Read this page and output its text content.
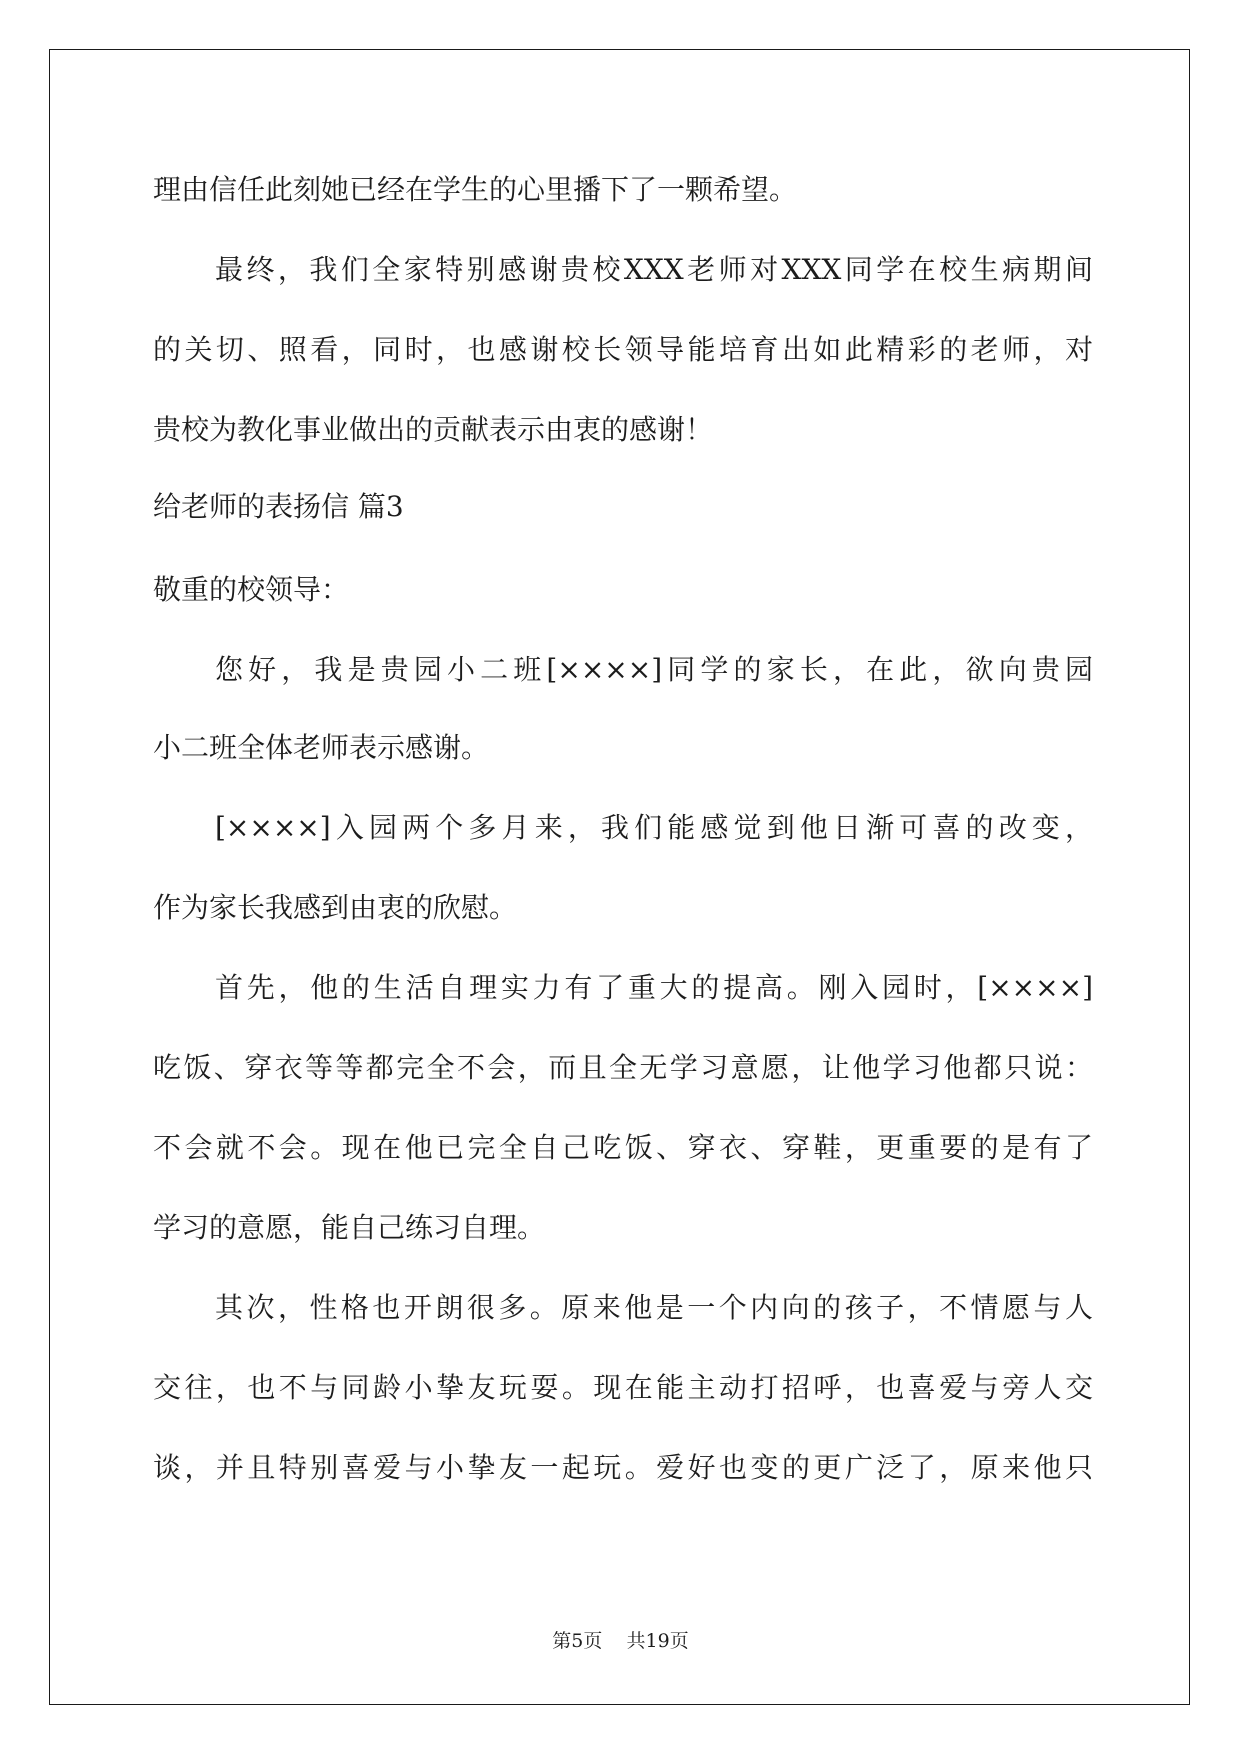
理由信任此刻她已经在学生的心里播下了一颗希望。

最终，我们全家特别感谢贵校XXX老师对XXX同学在校生病期间

的关切、照看，同时，也感谢校长领导能培育出如此精彩的老师，对

贵校为教化事业做出的贡献表示由衷的感谢！

给老师的表扬信 篇3

敬重的校领导：

您好，我是贵园小二班[××××]同学的家长，在此，欲向贵园

小二班全体老师表示感谢。

[××××]入园两个多月来，我们能感觉到他日渐可喜的改变，

作为家长我感到由衷的欣慰。

首先，他的生活自理实力有了重大的提高。刚入园时，[××××]

吃饭、穿衣等等都完全不会，而且全无学习意愿，让他学习他都只说：

不会就不会。现在他已完全自己吃饭、穿衣、穿鞋，更重要的是有了

学习的意愿，能自己练习自理。

其次，性格也开朗很多。原来他是一个内向的孩子，不情愿与人

交往，也不与同龄小挚友玩耍。现在能主动打招呼，也喜爱与旁人交

谈，并且特别喜爱与小挚友一起玩。爱好也变的更广泛了，原来他只

第5页    共19页
